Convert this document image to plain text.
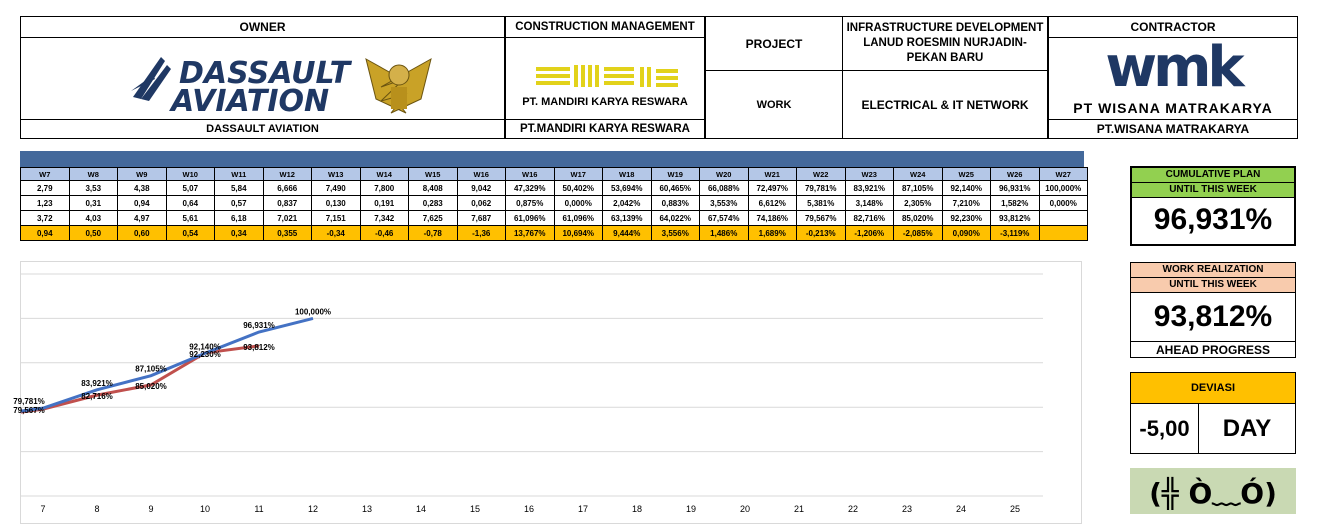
OWNER
DASSAULT
AVIATION
DASSAULT AVIATION
CONSTRUCTION MANAGEMENT
PT. MANDIRI KARYA RESWARA
PT.MANDIRI KARYA RESWARA
PROJECT
INFRASTRUCTURE DEVELOPMENT LANUD ROESMIN NURJADIN-PEKAN BARU
WORK	ELECTRICAL & IT NETWORK
CONTRACTOR
wmk
PT WISANA MATRAKARYA
PT.WISANA MATRAKARYA
W7	W8	W9	W10	W11	W12	W13	W14	W15	W16	W16	W17	W18	W19	W20	W21	W22	W23	W24	W25	W26	W27
2,79	3,53	4,38	5,07	5,84	6,666	7,490	7,800	8,408	9,042	47,329%	50,402%	53,694%	60,465%	66,088%	72,497%	79,781%	83,921%	87,105%	92,140%	96,931%	100,000%
1,23	0,31	0,94	0,64	0,57	0,837	0,130	0,191	0,283	0,062	0,875%	0,000%	2,042%	0,883%	3,553%	6,612%	5,381%	3,148%	2,305%	7,210%	1,582%	0,000%
3,72	4,03	4,97	5,61	6,18	7,021	7,151	7,342	7,625	7,687	61,096%	61,096%	63,139%	64,022%	67,574%	74,186%	79,567%	82,716%	85,020%	92,230%	93,812%	
0,94	0,50	0,60	0,54	0,34	0,355	-0,34	-0,46	-0,78	-1,36	13,767%	10,694%	9,444%	3,556%	1,486%	1,689%	-0,213%	-1,206%	-2,085%	0,090%	-3,119%	
7	8	9	10	11	12	13	14	15	16	17	18	19	20	21	22	23	24	25
79,781%
83,921%
87,105%
92,140%
96,931%
100,000%
79,567%
82,716%
85,020%
92,230%
93,812%
CUMULATIVE PLAN
UNTIL THIS WEEK
96,931%
WORK REALIZATION
UNTIL THIS WEEK
93,812%
AHEAD PROGRESS
DEVIASI
-5,00	DAY
(╬ Ò﹏Ó)
